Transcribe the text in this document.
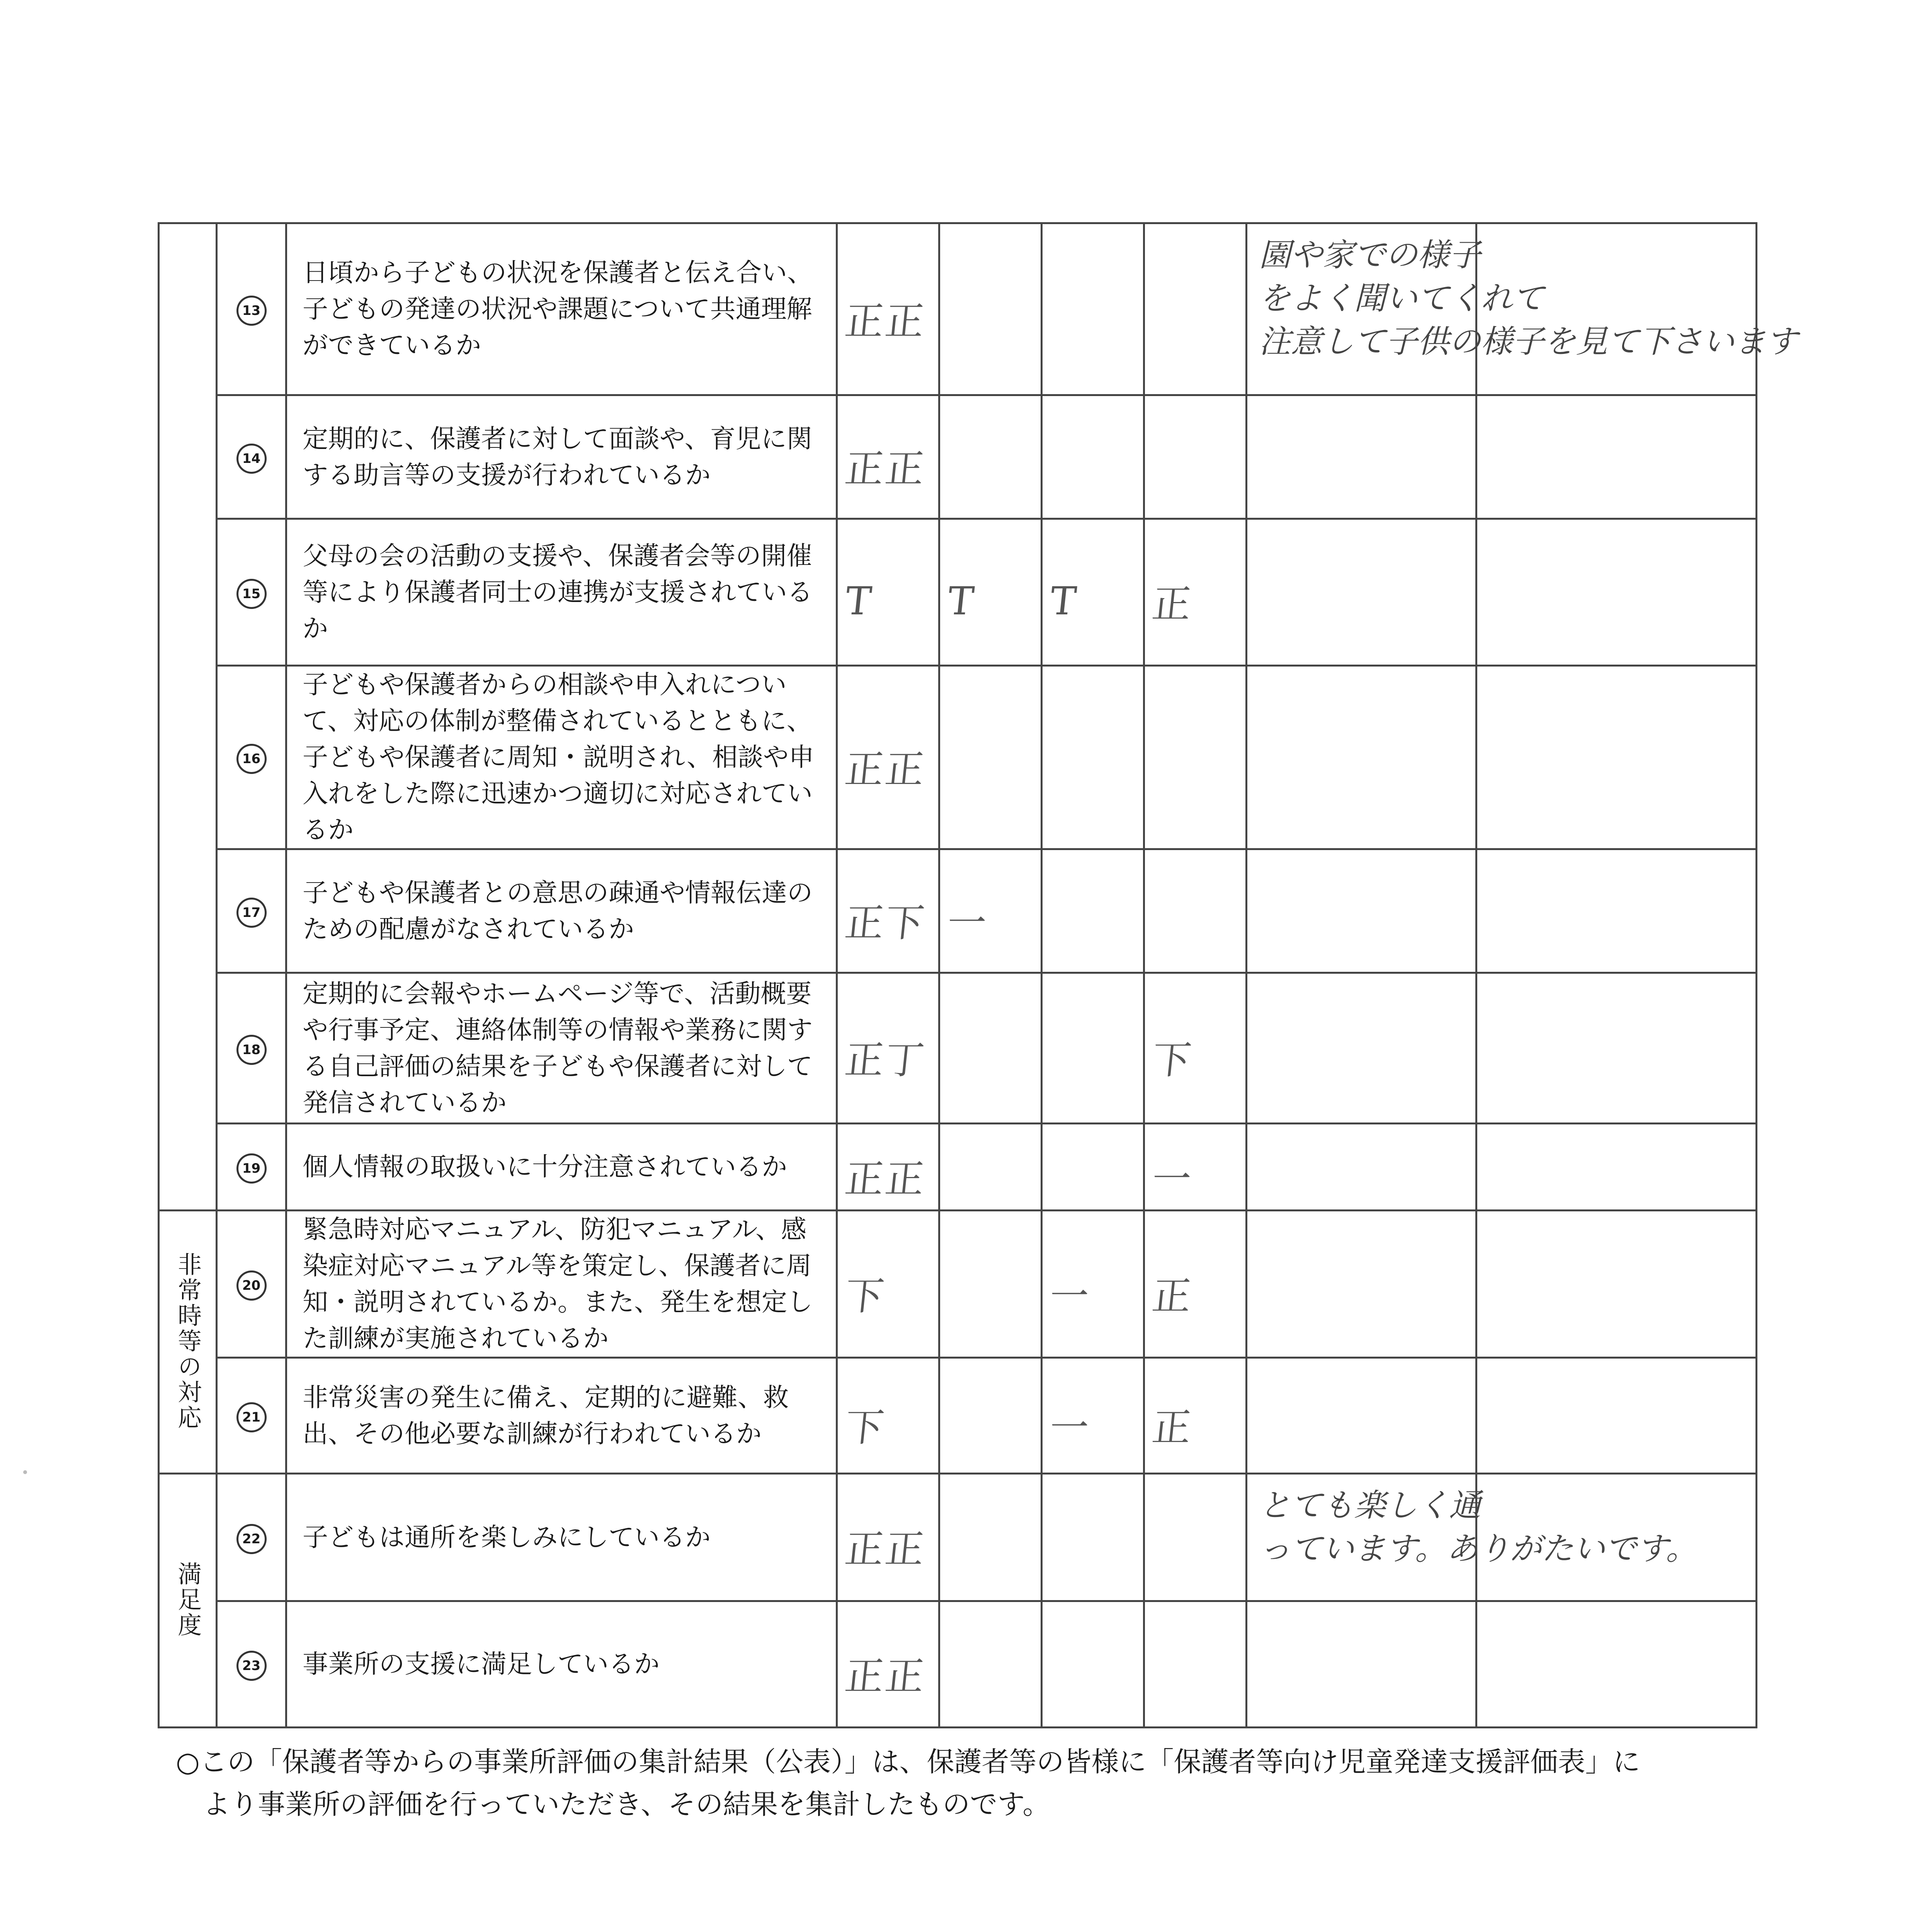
	13	日頃から子どもの状況を保護者と伝え合い、子どもの発達の状況や課題について共通理解ができているか	正正				園や家での様子
をよく聞いてくれて
注意して子供の様子を見て下さいます	

	14	定期的に、保護者に対して面談や、育児に関する助言等の支援が行われているか	正正				

	15	父母の会の活動の支援や、保護者会等の開催等により保護者同士の連携が支援されているか	T	T	T	正	

	16	子どもや保護者からの相談や申入れについて、対応の体制が整備されているとともに、子どもや保護者に周知・説明され、相談や申入れをした際に迅速かつ適切に対応されているか	正正				

	17	子どもや保護者との意思の疎通や情報伝達のための配慮がなされているか	正下	一			

	18	定期的に会報やホームページ等で、活動概要や行事予定、連絡体制等の情報や業務に関する自己評価の結果を子どもや保護者に対して発信されているか	正丁			下	

	19	個人情報の取扱いに十分注意されているか	正正			一	

非常時等の対応	20	緊急時対応マニュアル、防犯マニュアル、感染症対応マニュアル等を策定し、保護者に周知・説明されているか。また、発生を想定した訓練が実施されているか	下		一	正	

	21	非常災害の発生に備え、定期的に避難、救出、その他必要な訓練が行われているか	下		一	正	

満足度	22	子どもは通所を楽しみにしているか	正正				とても楽しく通
っています。ありがたいです。	

	23	事業所の支援に満足しているか	正正				

○この「保護者等からの事業所評価の集計結果（公表）」は、保護者等の皆様に「保護者等向け児童発達支援評価表」に
より事業所の評価を行っていただき、その結果を集計したものです。
